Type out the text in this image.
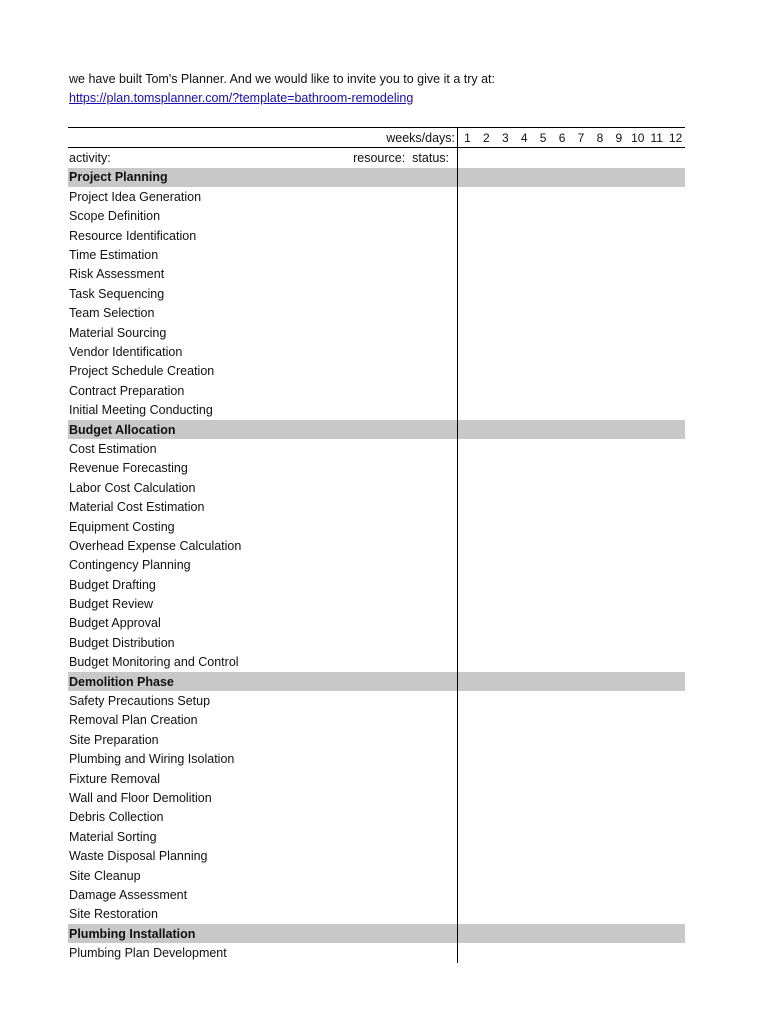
we have built Tom's Planner. And we would like to invite you to give it a try at:
https://plan.tomsplanner.com/?template=bathroom-remodeling
weeks/days: 1	2	3	4	5	6	7	8	9 10 11 12
activity:	resource: status:
Project Planning
Project Idea Generation
Scope Definition
Resource Identification
Time Estimation
Risk Assessment
Task Sequencing
Team Selection
Material Sourcing
Vendor Identification
Project Schedule Creation
Contract Preparation
Initial Meeting Conducting
Budget Allocation
Cost Estimation
Revenue Forecasting
Labor Cost Calculation
Material Cost Estimation
Equipment Costing
Overhead Expense Calculation
Contingency Planning
Budget Drafting
Budget Review
Budget Approval
Budget Distribution
Budget Monitoring and Control
Demolition Phase
Safety Precautions Setup
Removal Plan Creation
Site Preparation
Plumbing and Wiring Isolation
Fixture Removal
Wall and Floor Demolition
Debris Collection
Material Sorting
Waste Disposal Planning
Site Cleanup
Damage Assessment
Site Restoration
Plumbing Installation
Plumbing Plan Development
